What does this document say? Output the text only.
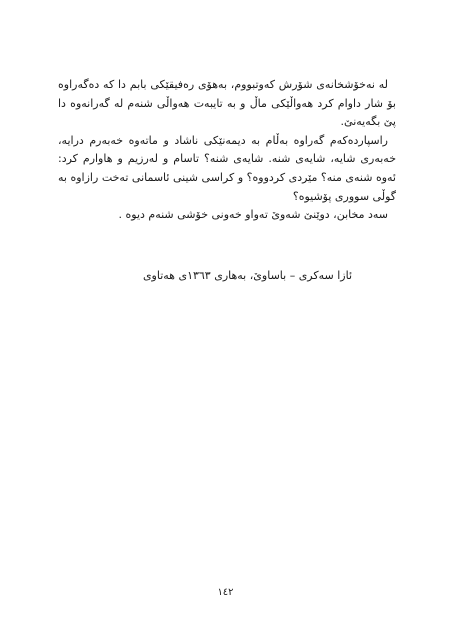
له نه‌خۆشخانه‌ی شۆرش که‌وتبووم، به‌هۆی ره‌فیقێکی بابم دا که ده‌گه‌راوه بۆ شار داوام کرد هه‌واڵێکی ماڵ و به تایبه‌ت هه‌واڵی شنه‌م له گه‌رانه‌وه دا پێ بگه‌یه‌نێ.

راسپارده‌که‌م گه‌راوه به‌ڵام به دیمه‌نێکی ناشاد و ماته‌وه خه‌به‌رم درایه، خه‌به‌ری شایه، شایه‌ی شنه. شایه‌ی شنه؟ تاسام و له‌رزیم و هاوارم کرد: ئه‌وه شنه‌ی منه؟ مێردی کردووه؟ و کراسی شینی ئاسمانی ته‌خت رازاوه به گوڵی سووری پۆشیوه؟

سه‌د مخابن، دوێنێ شه‌وێ ته‌واو خه‌ونی خۆشی شنه‌م دیوه .

ئازا سه‌کری – باساوێ، به‌هاری ١٣٦٣ی هه‌تاوی
١٤٢
